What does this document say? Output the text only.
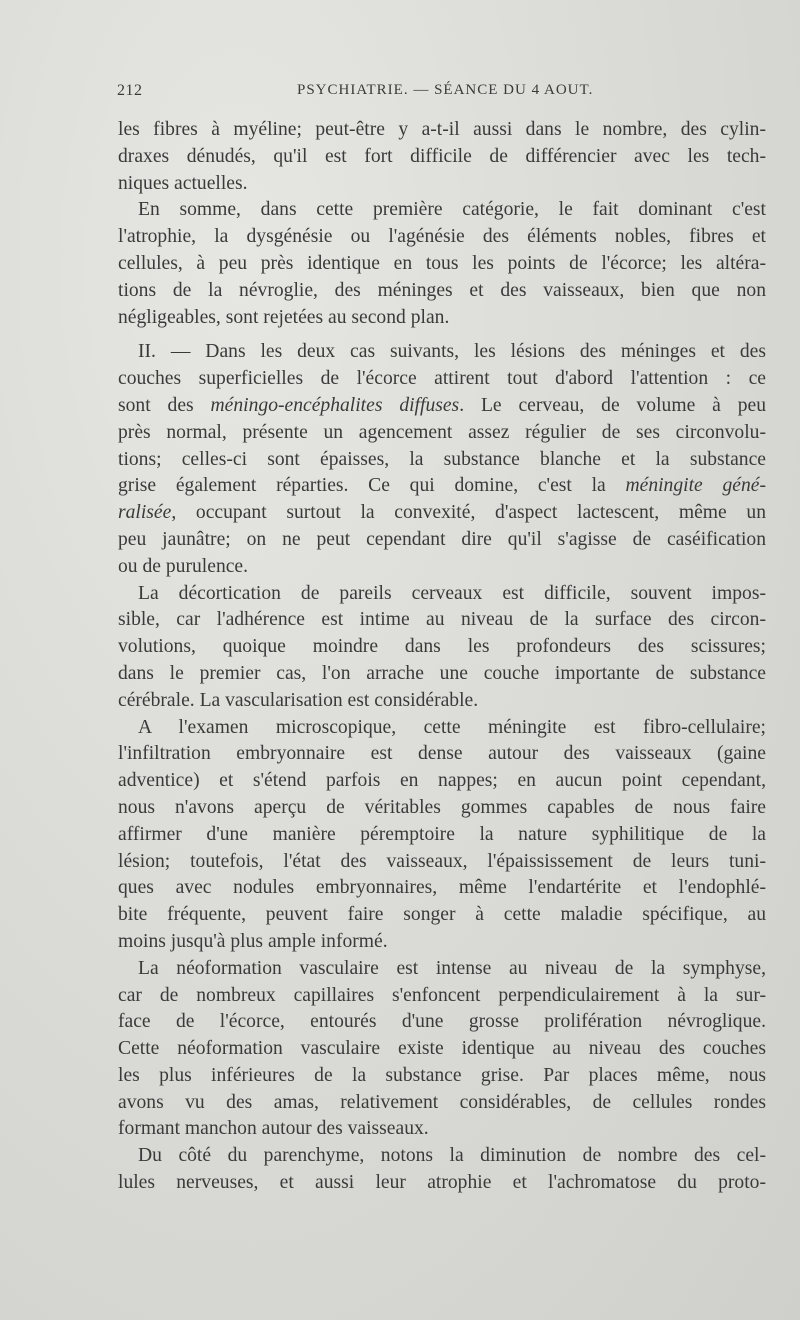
212	PSYCHIATRIE. — SÉANCE DU 4 AOUT.
les fibres à myéline; peut-être y a-t-il aussi dans le nombre, des cylin-
draxes dénudés, qu'il est fort difficile de différencier avec les tech-
niques actuelles.
En somme, dans cette première catégorie, le fait dominant c'est
l'atrophie, la dysgénésie ou l'agénésie des éléments nobles, fibres et
cellules, à peu près identique en tous les points de l'écorce; les altéra-
tions de la névroglie, des méninges et des vaisseaux, bien que non
négligeables, sont rejetées au second plan.
II. — Dans les deux cas suivants, les lésions des méninges et des
couches superficielles de l'écorce attirent tout d'abord l'attention : ce
sont des méningo-encéphalites diffuses. Le cerveau, de volume à peu
près normal, présente un agencement assez régulier de ses circonvolu-
tions; celles-ci sont épaisses, la substance blanche et la substance
grise également réparties. Ce qui domine, c'est la méningite géné-
ralisée, occupant surtout la convexité, d'aspect lactescent, même un
peu jaunâtre; on ne peut cependant dire qu'il s'agisse de caséification
ou de purulence.
La décortication de pareils cerveaux est difficile, souvent impos-
sible, car l'adhérence est intime au niveau de la surface des circon-
volutions, quoique moindre dans les profondeurs des scissures;
dans le premier cas, l'on arrache une couche importante de substance
cérébrale. La vascularisation est considérable.
A l'examen microscopique, cette méningite est fibro-cellulaire;
l'infiltration embryonnaire est dense autour des vaisseaux (gaine
adventice) et s'étend parfois en nappes; en aucun point cependant,
nous n'avons aperçu de véritables gommes capables de nous faire
affirmer d'une manière péremptoire la nature syphilitique de la
lésion; toutefois, l'état des vaisseaux, l'épaississement de leurs tuni-
ques avec nodules embryonnaires, même l'endartérite et l'endophlé-
bite fréquente, peuvent faire songer à cette maladie spécifique, au
moins jusqu'à plus ample informé.
La néoformation vasculaire est intense au niveau de la symphyse,
car de nombreux capillaires s'enfoncent perpendiculairement à la sur-
face de l'écorce, entourés d'une grosse prolifération névroglique.
Cette néoformation vasculaire existe identique au niveau des couches
les plus inférieures de la substance grise. Par places même, nous
avons vu des amas, relativement considérables, de cellules rondes
formant manchon autour des vaisseaux.
Du côté du parenchyme, notons la diminution de nombre des cel-
lules nerveuses, et aussi leur atrophie et l'achromatose du proto-
